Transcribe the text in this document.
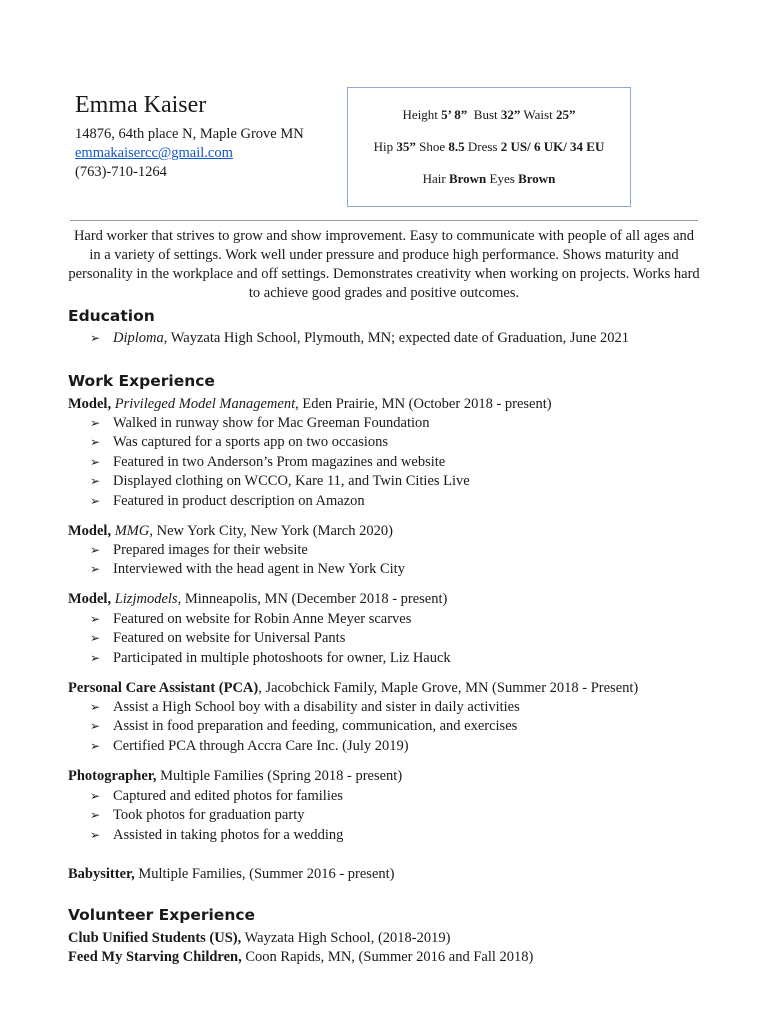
Emma Kaiser
14876, 64th place N, Maple Grove MN
emmakaisercc@gmail.com
(763)-710-1264
Height 5’ 8” Bust 32” Waist 25”
Hip 35” Shoe 8.5 Dress 2 US/ 6 UK/ 34 EU
Hair Brown Eyes Brown
Hard worker that strives to grow and show improvement. Easy to communicate with people of all ages and in a variety of settings. Work well under pressure and produce high performance. Shows maturity and personality in the workplace and off settings. Demonstrates creativity when working on projects. Works hard to achieve good grades and positive outcomes.
Education
➢ Diploma, Wayzata High School, Plymouth, MN; expected date of Graduation, June 2021
Work Experience
Model, Privileged Model Management, Eden Prairie, MN (October 2018 - present)
➢ Walked in runway show for Mac Greeman Foundation
➢ Was captured for a sports app on two occasions
➢ Featured in two Anderson’s Prom magazines and website
➢ Displayed clothing on WCCO, Kare 11, and Twin Cities Live
➢ Featured in product description on Amazon
Model, MMG, New York City, New York (March 2020)
➢ Prepared images for their website
➢ Interviewed with the head agent in New York City
Model, Lizjmodels, Minneapolis, MN (December 2018 - present)
➢ Featured on website for Robin Anne Meyer scarves
➢ Featured on website for Universal Pants
➢ Participated in multiple photoshoots for owner, Liz Hauck
Personal Care Assistant (PCA), Jacobchick Family, Maple Grove, MN (Summer 2018 - Present)
➢ Assist a High School boy with a disability and sister in daily activities
➢ Assist in food preparation and feeding, communication, and exercises
➢ Certified PCA through Accra Care Inc. (July 2019)
Photographer, Multiple Families (Spring 2018 - present)
➢ Captured and edited photos for families
➢ Took photos for graduation party
➢ Assisted in taking photos for a wedding
Babysitter, Multiple Families, (Summer 2016 - present)
Volunteer Experience
Club Unified Students (US), Wayzata High School, (2018-2019)
Feed My Starving Children, Coon Rapids, MN, (Summer 2016 and Fall 2018)
